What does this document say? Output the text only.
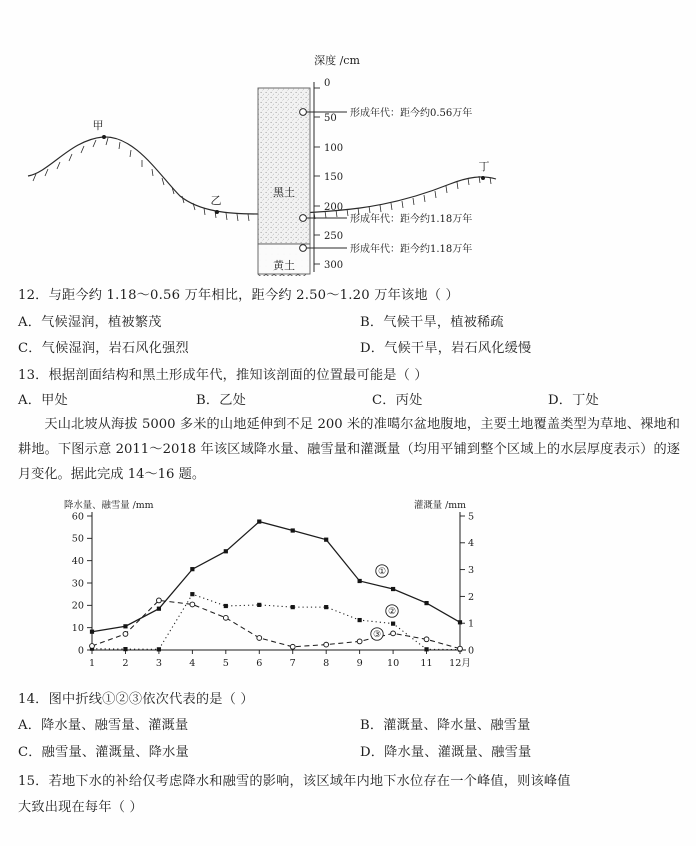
甲
乙
丁
黑土
黄土
深度 /cm
0
50
100
150
200
250
300
形成年代：距今约0.56万年
形成年代：距今约1.18万年
形成年代：距今约1.18万年
12．与距今约 1.18～0.56 万年相比，距今约 2.50～1.20 万年该地（ ）
A．气候湿润，植被繁茂	B．气候干旱，植被稀疏
C．气候湿润，岩石风化强烈	D．气候干旱，岩石风化缓慢
13．根据剖面结构和黑土形成年代，推知该剖面的位置最可能是（ ）
A．甲处	B．乙处	C．丙处	D．丁处
天山北坡从海拔 5000 多米的山地延伸到不足 200 米的准噶尔盆地腹地，主要土地覆盖类型为草地、裸地和耕地。下图示意 2011～2018 年该区域降水量、融雪量和灌溉量（均用平铺到整个区域上的水层厚度表示）的逐月变化。据此完成 14～16 题。
降水量、融雪量 /mm	灌溉量 /mm
0
10
20
30
40
50
60
0
1
2
3
4
5
1	2	3	4	5	6	7	8	9	10 11 12月
①
②
③
14．图中折线①②③依次代表的是（ ）
A．降水量、融雪量、灌溉量	B．灌溉量、降水量、融雪量
C．融雪量、灌溉量、降水量	D．降水量、灌溉量、融雪量
15．若地下水的补给仅考虑降水和融雪的影响，该区域年内地下水位存在一个峰值，则该峰值
大致出现在每年（ ）
